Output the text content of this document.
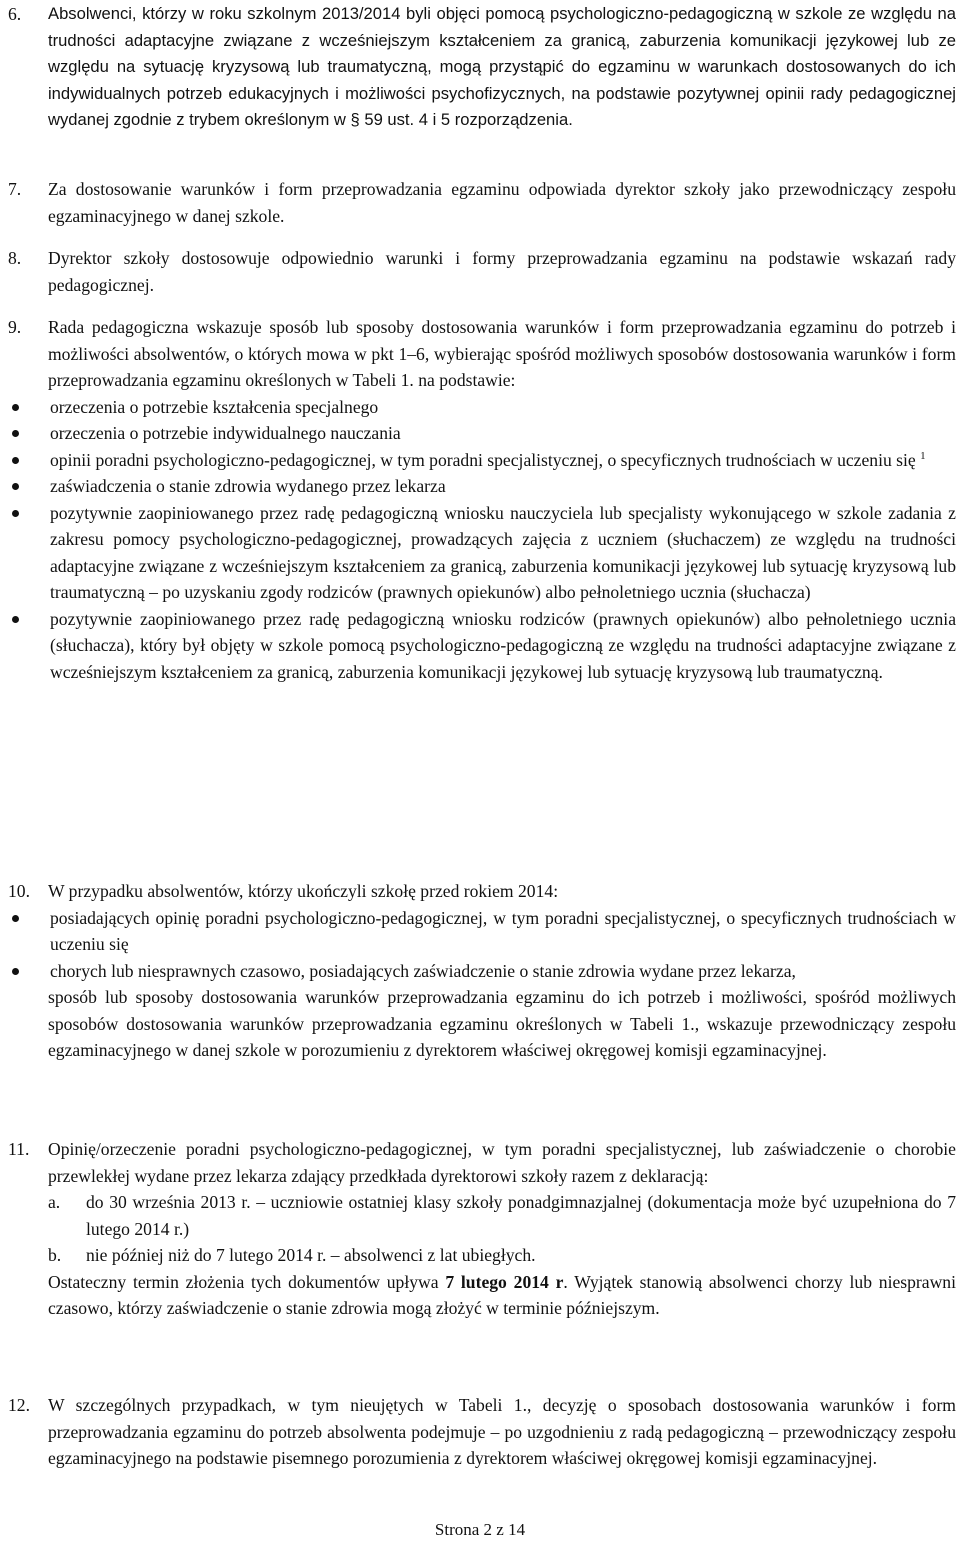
6. Absolwenci, którzy w roku szkolnym 2013/2014 byli objęci pomocą psychologiczno-pedagogiczną w szkole ze względu na trudności adaptacyjne związane z wcześniejszym kształceniem za granicą, zaburzenia komunikacji językowej lub ze względu na sytuację kryzysową lub traumatyczną, mogą przystąpić do egzaminu w warunkach dostosowanych do ich indywidualnych potrzeb edukacyjnych i możliwości psychofizycznych, na podstawie pozytywnej opinii rady pedagogicznej wydanej zgodnie z trybem określonym w § 59 ust. 4 i 5 rozporządzenia.
7. Za dostosowanie warunków i form przeprowadzania egzaminu odpowiada dyrektor szkoły jako przewodniczący zespołu egzaminacyjnego w danej szkole.
8. Dyrektor szkoły dostosowuje odpowiednio warunki i formy przeprowadzania egzaminu na podstawie wskazań rady pedagogicznej.
9. Rada pedagogiczna wskazuje sposób lub sposoby dostosowania warunków i form przeprowadzania egzaminu do potrzeb i możliwości absolwentów, o których mowa w pkt 1–6, wybierając spośród możliwych sposobów dostosowania warunków i form przeprowadzania egzaminu określonych w Tabeli 1. na podstawie:
orzeczenia o potrzebie kształcenia specjalnego
orzeczenia o potrzebie indywidualnego nauczania
opinii poradni psychologiczno-pedagogicznej, w tym poradni specjalistycznej, o specyficznych trudnościach w uczeniu się $^1$
zaświadczenia o stanie zdrowia wydanego przez lekarza
pozytywnie zaopiniowanego przez radę pedagogiczną wniosku nauczyciela lub specjalisty wykonującego w szkole zadania z zakresu pomocy psychologiczno-pedagogicznej, prowadzących zajęcia z uczniem (słuchaczem) ze względu na trudności adaptacyjne związane z wcześniejszym kształceniem za granicą, zaburzenia komunikacji językowej lub sytuację kryzysową lub traumatyczną – po uzyskaniu zgody rodziców (prawnych opiekunów) albo pełnoletniego ucznia (słuchacza)
pozytywnie zaopiniowanego przez radę pedagogiczną wniosku rodziców (prawnych opiekunów) albo pełnoletniego ucznia (słuchacza), który był objęty w szkole pomocą psychologiczno-pedagogiczną ze względu na trudności adaptacyjne związane z wcześniejszym kształceniem za granicą, zaburzenia komunikacji językowej lub sytuację kryzysową lub traumatyczną.
10. W przypadku absolwentów, którzy ukończyli szkołę przed rokiem 2014:
posiadających opinię poradni psychologiczno-pedagogicznej, w tym poradni specjalistycznej, o specyficznych trudnościach w uczeniu się
chorych lub niesprawnych czasowo, posiadających zaświadczenie o stanie zdrowia wydane przez lekarza,
sposób lub sposoby dostosowania warunków przeprowadzania egzaminu do ich potrzeb i możliwości, spośród możliwych sposobów dostosowania warunków przeprowadzania egzaminu określonych w Tabeli 1., wskazuje przewodniczący zespołu egzaminacyjnego w danej szkole w porozumieniu z dyrektorem właściwej okręgowej komisji egzaminacyjnej.
11. Opinię/orzeczenie poradni psychologiczno-pedagogicznej, w tym poradni specjalistycznej, lub zaświadczenie o chorobie przewlekłej wydane przez lekarza zdający przedkłada dyrektorowi szkoły razem z deklaracją:
a. do 30 września 2013 r. – uczniowie ostatniej klasy szkoły ponadgimnazjalnej (dokumentacja może być uzupełniona do 7 lutego 2014 r.)
b. nie później niż do 7 lutego 2014 r. – absolwenci z lat ubiegłych.
Ostateczny termin złożenia tych dokumentów upływa 7 lutego 2014 r. Wyjątek stanowią absolwenci chorzy lub niesprawni czasowo, którzy zaświadczenie o stanie zdrowia mogą złożyć w terminie późniejszym.
12. W szczególnych przypadkach, w tym nieujętych w Tabeli 1., decyzję o sposobach dostosowania warunków i form przeprowadzania egzaminu do potrzeb absolwenta podejmuje – po uzgodnieniu z radą pedagogiczną – przewodniczący zespołu egzaminacyjnego na podstawie pisemnego porozumienia z dyrektorem właściwej okręgowej komisji egzaminacyjnej.
Strona 2 z 14
